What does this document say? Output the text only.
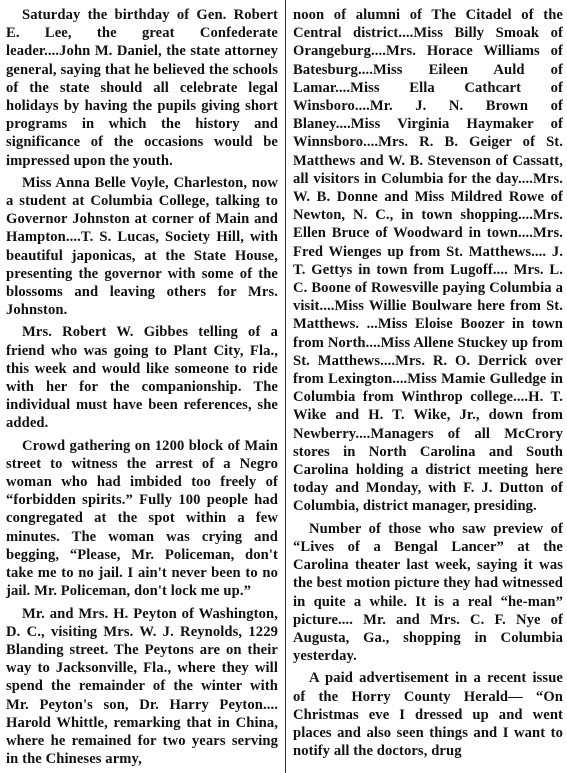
Saturday the birthday of Gen. Robert E. Lee, the great Confederate leader....John M. Daniel, the state attorney general, saying that he believed the schools of the state should all celebrate legal holidays by having the pupils giving short programs in which the history and significance of the occasions would be impressed upon the youth.

Miss Anna Belle Voyle, Charleston, now a student at Columbia College, talking to Governor Johnston at corner of Main and Hampton....T. S. Lucas, Society Hill, with beautiful japonicas, at the State House, presenting the governor with some of the blossoms and leaving others for Mrs. Johnston.

Mrs. Robert W. Gibbes telling of a friend who was going to Plant City, Fla., this week and would like someone to ride with her for the companionship. The individual must have been references, she added.

Crowd gathering on 1200 block of Main street to witness the arrest of a Negro woman who had imbided too freely of “forbidden spirits.” Fully 100 people had congregated at the spot within a few minutes. The woman was crying and begging, “Please, Mr. Policeman, don't take me to no jail. I ain't never been to no jail. Mr. Policeman, don't lock me up.”

Mr. and Mrs. H. Peyton of Washington, D. C., visiting Mrs. W. J. Reynolds, 1229 Blanding street. The Peytons are on their way to Jacksonville, Fla., where they will spend the remainder of the winter with Mr. Peyton's son, Dr. Harry Peyton.... Harold Whittle, remarking that in China, where he remained for two years serving in the Chineses army,

noon of alumni of The Citadel of the Central district....Miss Billy Smoak of Orangeburg....Mrs. Horace Williams of Batesburg....Miss Eileen Auld of Lamar....Miss Ella Cathcart of Winsboro....Mr. J. N. Brown of Blaney....Miss Virginia Haymaker of Winnsboro....Mrs. R. B. Geiger of St. Matthews and W. B. Stevenson of Cassatt, all visitors in Columbia for the day....Mrs. W. B. Donne and Miss Mildred Rowe of Newton, N. C., in town shopping....Mrs. Ellen Bruce of Woodward in town....Mrs. Fred Wienges up from St. Matthews.... J. T. Gettys in town from Lugoff.... Mrs. L. C. Boone of Rowesville paying Columbia a visit....Miss Willie Boulware here from St. Matthews. ...Miss Eloise Boozer in town from North....Miss Allene Stuckey up from St. Matthews....Mrs. R. O. Derrick over from Lexington....Miss Mamie Gulledge in Columbia from Winthrop college....H. T. Wike and H. T. Wike, Jr., down from Newberry....Managers of all McCrory stores in North Carolina and South Carolina holding a district meeting here today and Monday, with F. J. Dutton of Columbia, district manager, presiding.

Number of those who saw preview of “Lives of a Bengal Lancer” at the Carolina theater last week, saying it was the best motion picture they had witnessed in quite a while. It is a real “he-man” picture.... Mr. and Mrs. C. F. Nye of Augusta, Ga., shopping in Columbia yesterday.

A paid advertisement in a recent issue of the Horry County Herald— “On Christmas eve I dressed up and went places and also seen things and I want to notify all the doctors, drug
